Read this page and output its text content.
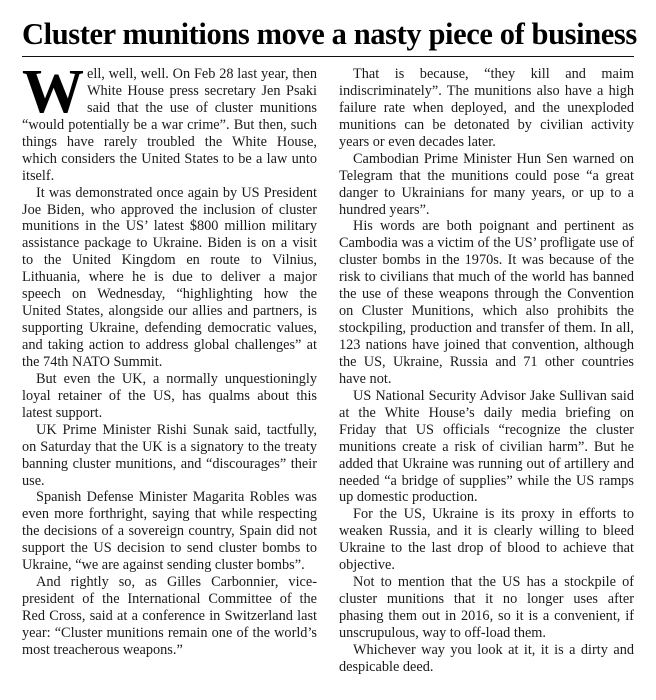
Cluster munitions move a nasty piece of business

Well, well, well. On Feb 28 last year, then White House press secretary Jen Psaki said that the use of cluster munitions “would potentially be a war crime”. But then, such things have rarely troubled the White House, which considers the United States to be a law unto itself.

It was demonstrated once again by US President Joe Biden, who approved the inclusion of cluster munitions in the US’ latest $800 million military assistance package to Ukraine. Biden is on a visit to the United Kingdom en route to Vilnius, Lithuania, where he is due to deliver a major speech on Wednesday, “highlighting how the United States, alongside our allies and partners, is supporting Ukraine, defending democratic values, and taking action to address global challenges” at the 74th NATO Summit.

But even the UK, a normally unquestioningly loyal retainer of the US, has qualms about this latest support.

UK Prime Minister Rishi Sunak said, tactfully, on Saturday that the UK is a signatory to the treaty banning cluster munitions, and “discourages” their use.

Spanish Defense Minister Magarita Robles was even more forthright, saying that while respecting the decisions of a sovereign country, Spain did not support the US decision to send cluster bombs to Ukraine, “we are against sending cluster bombs”.

And rightly so, as Gilles Carbonnier, vice-president of the International Committee of the Red Cross, said at a conference in Switzerland last year: “Cluster munitions remain one of the world’s most treacherous weapons.”

That is because, “they kill and maim indiscriminately”. The munitions also have a high failure rate when deployed, and the unexploded munitions can be detonated by civilian activity years or even decades later.

Cambodian Prime Minister Hun Sen warned on Telegram that the munitions could pose “a great danger to Ukrainians for many years, or up to a hundred years”.

His words are both poignant and pertinent as Cambodia was a victim of the US’ profligate use of cluster bombs in the 1970s. It was because of the risk to civilians that much of the world has banned the use of these weapons through the Convention on Cluster Munitions, which also prohibits the stockpiling, production and transfer of them. In all, 123 nations have joined that convention, although the US, Ukraine, Russia and 71 other countries have not.

US National Security Advisor Jake Sullivan said at the White House’s daily media briefing on Friday that US officials “recognize the cluster munitions create a risk of civilian harm”. But he added that Ukraine was running out of artillery and needed “a bridge of supplies” while the US ramps up domestic production.

For the US, Ukraine is its proxy in efforts to weaken Russia, and it is clearly willing to bleed Ukraine to the last drop of blood to achieve that objective.

Not to mention that the US has a stockpile of cluster munitions that it no longer uses after phasing them out in 2016, so it is a convenient, if unscrupulous, way to off-load them.

Whichever way you look at it, it is a dirty and despicable deed.
